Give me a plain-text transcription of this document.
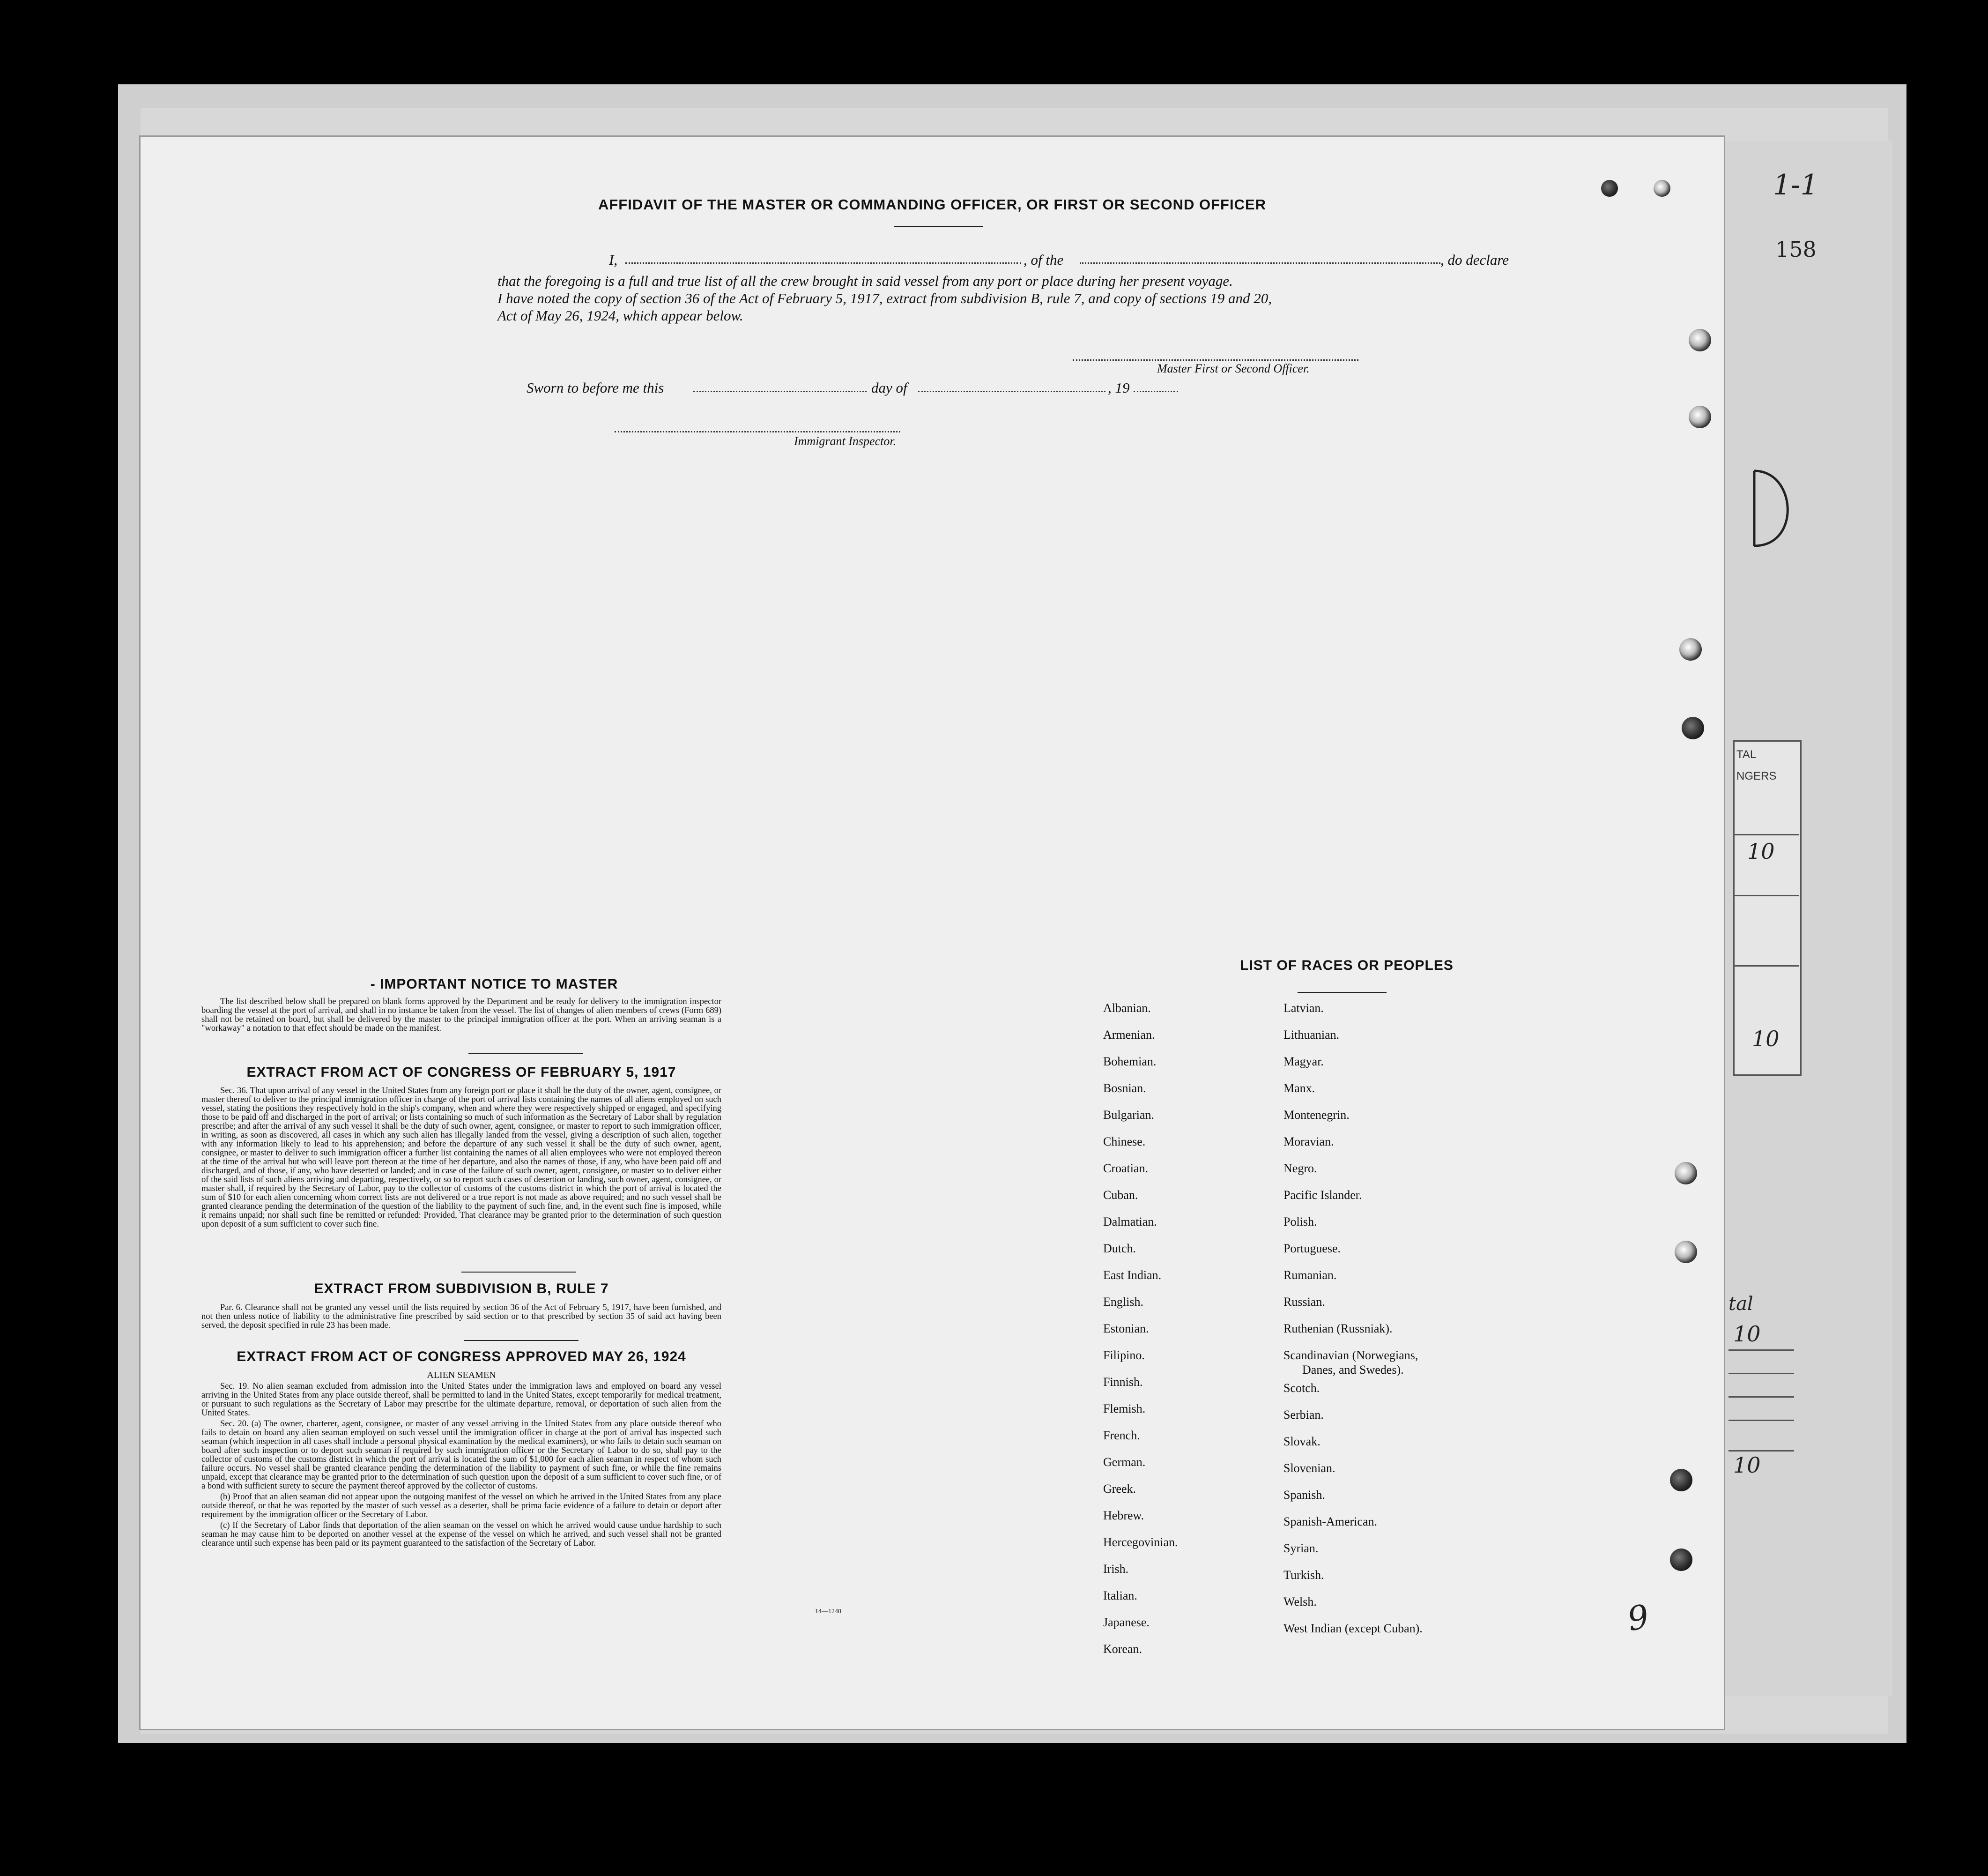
158
1-1
TAL
NGERS
10
10
tal
10
10
AFFIDAVIT OF THE MASTER OR COMMANDING OFFICER, OR FIRST OR SECOND OFFICER
I,	, of the	, do declare
that the foregoing is a full and true list of all the crew brought in said vessel from any port or place during her present voyage.
I have noted the copy of section 36 of the Act of February 5, 1917, extract from subdivision B, rule 7, and copy of sections 19 and 20,
Act of May 26, 1924, which appear below.
Master First or Second Officer.
Sworn to before me this	day of	, 19
Immigrant Inspector.
- IMPORTANT NOTICE TO MASTER

The list described below shall be prepared on blank forms approved by the Department and be ready for delivery to the immigration inspector boarding the vessel at the port of arrival, and shall in no instance be taken from the vessel. The list of changes of alien members of crews (Form 689) shall not be retained on board, but shall be delivered by the master to the principal immigration officer at the port. When an arriving seaman is a "workaway" a notation to that effect should be made on the manifest.

EXTRACT FROM ACT OF CONGRESS OF FEBRUARY 5, 1917

Sec. 36. That upon arrival of any vessel in the United States from any foreign port or place it shall be the duty of the owner, agent, consignee, or master thereof to deliver to the principal immigration officer in charge of the port of arrival lists containing the names of all aliens employed on such vessel, stating the positions they respectively hold in the ship's company, when and where they were respectively shipped or engaged, and specifying those to be paid off and discharged in the port of arrival; or lists containing so much of such information as the Secretary of Labor shall by regulation prescribe; and after the arrival of any such vessel it shall be the duty of such owner, agent, consignee, or master to report to such immigration officer, in writing, as soon as discovered, all cases in which any such alien has illegally landed from the vessel, giving a description of such alien, together with any information likely to lead to his apprehension; and before the departure of any such vessel it shall be the duty of such owner, agent, consignee, or master to deliver to such immigration officer a further list containing the names of all alien employees who were not employed thereon at the time of the arrival but who will leave port thereon at the time of her departure, and also the names of those, if any, who have been paid off and discharged, and of those, if any, who have deserted or landed; and in case of the failure of such owner, agent, consignee, or master so to deliver either of the said lists of such aliens arriving and departing, respectively, or so to report such cases of desertion or landing, such owner, agent, consignee, or master shall, if required by the Secretary of Labor, pay to the collector of customs of the customs district in which the port of arrival is located the sum of $10 for each alien concerning whom correct lists are not delivered or a true report is not made as above required; and no such vessel shall be granted clearance pending the determination of the question of the liability to the payment of such fine, and, in the event such fine is imposed, while it remains unpaid; nor shall such fine be remitted or refunded: Provided, That clearance may be granted prior to the determination of such question upon deposit of a sum sufficient to cover such fine.

EXTRACT FROM SUBDIVISION B, RULE 7

Par. 6. Clearance shall not be granted any vessel until the lists required by section 36 of the Act of February 5, 1917, have been furnished, and not then unless notice of liability to the administrative fine prescribed by said section or to that prescribed by section 35 of said act having been served, the deposit specified in rule 23 has been made.

EXTRACT FROM ACT OF CONGRESS APPROVED MAY 26, 1924
ALIEN SEAMEN

Sec. 19. No alien seaman excluded from admission into the United States under the immigration laws and employed on board any vessel arriving in the United States from any place outside thereof, shall be permitted to land in the United States, except temporarily for medical treatment, or pursuant to such regulations as the Secretary of Labor may prescribe for the ultimate departure, removal, or deportation of such alien from the United States.

Sec. 20. (a) The owner, charterer, agent, consignee, or master of any vessel arriving in the United States from any place outside thereof who fails to detain on board any alien seaman employed on such vessel until the immigration officer in charge at the port of arrival has inspected such seaman (which inspection in all cases shall include a personal physical examination by the medical examiners), or who fails to detain such seaman on board after such inspection or to deport such seaman if required by such immigration officer or the Secretary of Labor to do so, shall pay to the collector of customs of the customs district in which the port of arrival is located the sum of $1,000 for each alien seaman in respect of whom such failure occurs. No vessel shall be granted clearance pending the determination of the liability to payment of such fine, or while the fine remains unpaid, except that clearance may be granted prior to the determination of such question upon the deposit of a sum sufficient to cover such fine, or of a bond with sufficient surety to secure the payment thereof approved by the collector of customs.

(b) Proof that an alien seaman did not appear upon the outgoing manifest of the vessel on which he arrived in the United States from any place outside thereof, or that he was reported by the master of such vessel as a deserter, shall be prima facie evidence of a failure to detain or deport after requirement by the immigration officer or the Secretary of Labor.

(c) If the Secretary of Labor finds that deportation of the alien seaman on the vessel on which he arrived would cause undue hardship to such seaman he may cause him to be deported on another vessel at the expense of the vessel on which he arrived, and such vessel shall not be granted clearance until such expense has been paid or its payment guaranteed to the satisfaction of the Secretary of Labor.

14—1240
LIST OF RACES OR PEOPLES
Albanian.
Armenian.
Bohemian.
Bosnian.
Bulgarian.
Chinese.
Croatian.
Cuban.
Dalmatian.
Dutch.
East Indian.
English.
Estonian.
Filipino.
Finnish.
Flemish.
French.
German.
Greek.
Hebrew.
Hercegovinian.
Irish.
Italian.
Japanese.
Korean.
Latvian.
Lithuanian.
Magyar.
Manx.
Montenegrin.
Moravian.
Negro.
Pacific Islander.
Polish.
Portuguese.
Rumanian.
Russian.
Ruthenian (Russniak).
Scandinavian (Norwegians,
Danes, and Swedes).
Scotch.
Serbian.
Slovak.
Slovenian.
Spanish.
Spanish-American.
Syrian.
Turkish.
Welsh.
West Indian (except Cuban).	9
